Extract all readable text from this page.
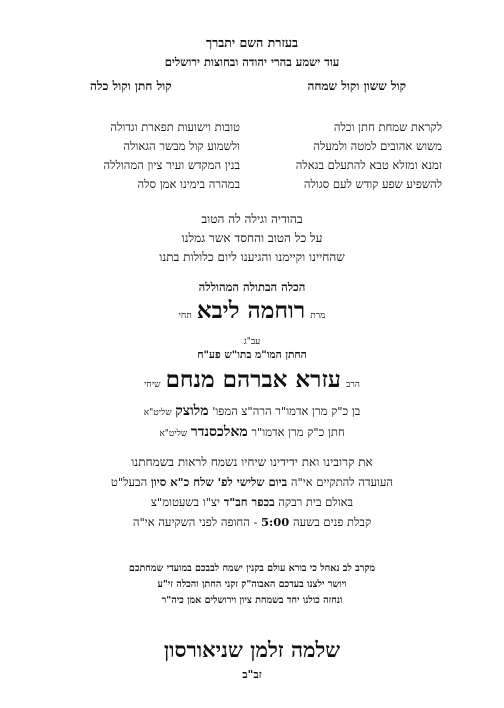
בעזרת השם יתברך
עוד ישמע בהרי יהודה ובחוצות ירושלים
קול ששון וקול שמחה
קול חתן וקול כלה
לקראת שמחת חתן וכלה
משוש אהובים למטה ולמעלה
זמנא ומזלא טבא להתעלם בגאלה
להשפיע שפע קודש לעם סגולה
טובות וישועות תפארת וגדולה
ולשמוע קול מבשר הגאולה
בנין המקדש ועיר ציון המהוללה
במהרה בימינו אמן סלה
בהודיה וגילה לה הטוב
על כל הטוב והחסד אשר גמלנו
שהחיינו וקיימנו והגיענו ליום כלולות בתנו
הכלה הבתולה המהוללה
מרת רוחמה ליבא תחי
עב"ג
החתן המו"מ בתו"ש פע"ח
הרב עזרא אברהם מנחם שיחי
בן כ"ק מרן אדמו"ר הרה"צ המפו' מלוצק שליט"א
חתן כ"ק מרן אדמו"ר מאלכסנדר שליט"א
את קרובינו ואת ידידינו שיחיו נשמח לראות בשמחתנו
העועדה להתקיים אי"ה ביום שלישי לפ' שלח כ"א סיון הבעל"ט
באולם בית רבקה בכפר חב"ד יצ"ו בשעטומ"צ
קבלת פנים בשעה 5:00 - החופה לפני השקיעה אי"ה
מקרב לב נאחל כי בורא עולם בקנין ישמח לבבכם במועדי שמחתכם
ויושר ילצנו בעדכם האבוה"ק זקני החתן והכלה זי"ע
ונחזה כולנו יחד בשמחת ציון וירושלים אמן כיה"ר
שלמה זלמן שניאורסון
זב"ב
